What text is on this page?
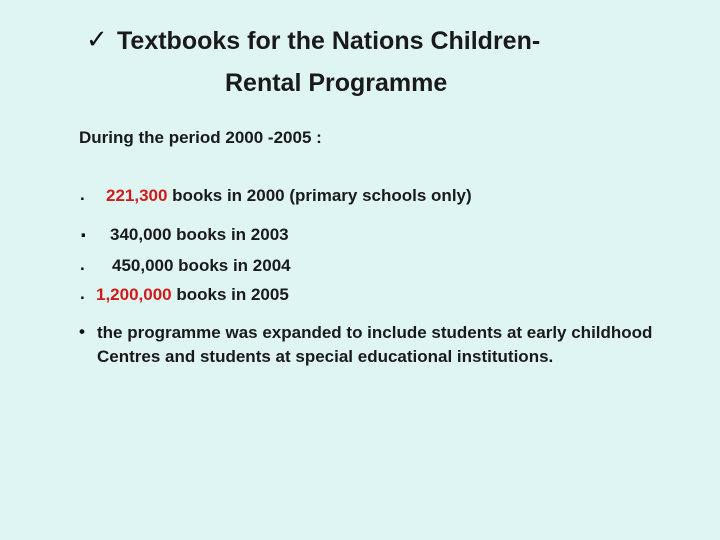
✓ Textbooks for the Nations Children-
Rental Programme
During the period 2000 -2005 :
. 221,300 books in 2000 (primary schools only)
. 340,000 books in 2003
. 450,000 books in 2004
. 1,200,000 books in 2005
• the programme was expanded to include students at early childhood Centres and students at special educational institutions.
